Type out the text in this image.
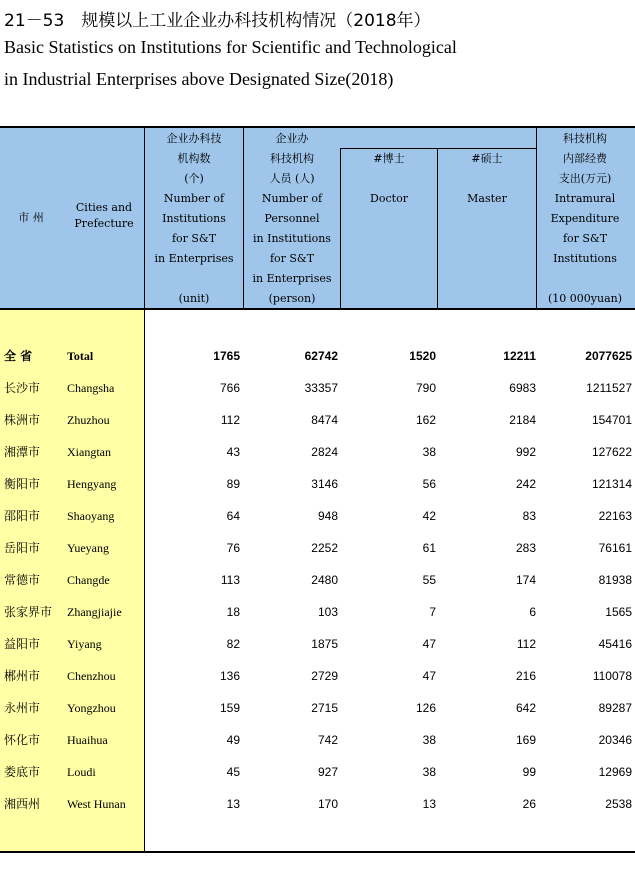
21－53　规模以上工业企业办科技机构情况（2018年）
Basic Statistics on Institutions for Scientific and Technological
in Industrial Enterprises above Designated Size(2018)
市 州
Cities and
Prefecture
企业办科技
机构数
(个)
Number of
Institutions
for S&T
in Enterprises

(unit)
企业办
科技机构
人员 (人)
Number of
Personnel
in Institutions
for S&T
in Enterprises
(person)
#博士

Doctor
#硕士

Master
科技机构
内部经费
支出(万元)
Intramural
Expenditure
for S&T
Institutions

(10 000yuan)
全 省	Total	1765	62742	1520	12211	2077625
长沙市 Changsha	766	33357	790	6983	1211527
株洲市 Zhuzhou	112	8474	162	2184	154701
湘潭市 Xiangtan	43	2824	38	992	127622
衡阳市 Hengyang	89	3146	56	242	121314
邵阳市 Shaoyang	64	948	42	83	22163
岳阳市 Yueyang	76	2252	61	283	76161
常德市 Changde	113	2480	55	174	81938
张家界市 Zhangjiajie	18	103	7	6	1565
益阳市 Yiyang	82	1875	47	112	45416
郴州市 Chenzhou	136	2729	47	216	110078
永州市 Yongzhou	159	2715	126	642	89287
怀化市 Huaihua	49	742	38	169	20346
娄底市 Loudi	45	927	38	99	12969
湘西州 West Hunan	13	170	13	26	2538
